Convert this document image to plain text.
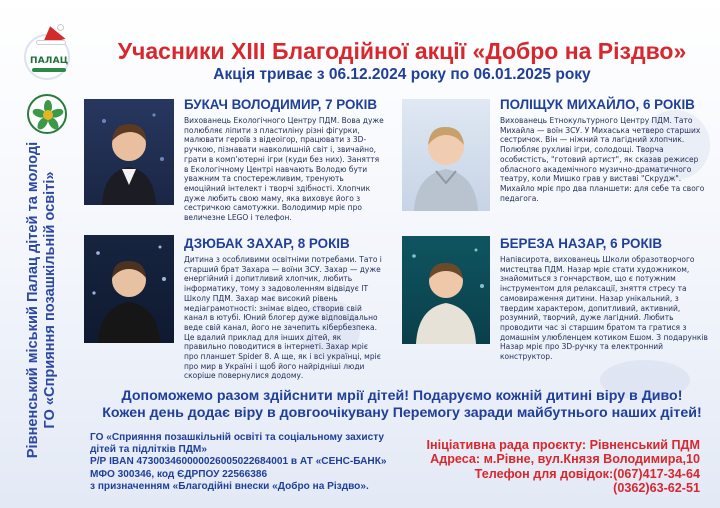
ПАЛАЦ
Рівненський міський Палац дітей та молоді ГО «Сприяння позашкільній освіті»
Учасники XIII Благодійної акції «Добро на Різдво»
Акція триває з 06.12.2024 року по 06.01.2025 року
БУКАЧ ВОЛОДИМИР, 7 РОКІВ
Вихованець Екологічного Центру ПДМ. Вова дуже полюбляє ліпити з пластиліну різні фігурки, малювати героїв з відеоігор, працювати з 3D-ручкою, пізнавати навколишній світ і, звичайно, грати в комп’ютерні ігри (куди без них). Заняття в Екологічному Центрі навчають Володю бути уважним та спостережливим, тренують емоційний інтелект і творчі здібності. Хлопчик дуже любить свою маму, яка виховує його з сестричкою самотужки. Володимир мріє про величезне LEGO і телефон.
ПОЛІЩУК МИХАЙЛО, 6 РОКІВ
Вихованець Етнокультурного Центру ПДМ. Тато Михайла — воїн ЗСУ. У Михаська четверо старших сестричок. Він — ніжний та лагідний хлопчик. Полюбляє рухливі ігри, солодощі. Творча особистість, "готовий артист", як сказав режисер обласного академічного музично-драматичного театру, коли Мишко грав у виставі "Скрудж". Михайло мріє про два планшети: для себе та свого педагога.
ДЗЮБАК ЗАХАР, 8 РОКІВ
Дитина з особливими освітніми потребами. Тато і старший брат Захара — воїни ЗСУ. Захар — дуже енергійний і допитливий хлопчик, любить інформатику, тому з задоволенням відвідує IT Школу ПДМ. Захар має високий рівень медіаграмотності: знімає відео, створив свій канал в ютубі. Юний блогер дуже відповідально веде свій канал, його не зачепить кібербезпека. Це вдалий приклад для інших дітей, як правильно поводитися в інтернеті. Захар мріє про планшет Spider 8. А ще, як і всі українці, мріє про мир в Україні і щоб його найрідніші люди скоріше повернулися додому.
БЕРЕЗА НАЗАР, 6 РОКІВ
Напівсирота, вихованець Школи образотворчого мистецтва ПДМ. Назар мріє стати художником, знайомиться з гончарством, що є потужним інструментом для релаксації, зняття стресу та самовираження дитини. Назар унікальний, з твердим характером, допитливий, активний, розумний, творчий, дуже лагідний. Любить проводити час зі старшим братом та гратися з домашнім улюбленцем котиком Ешом. З подарунків Назар мріє про 3D-ручку та електронний конструктор.
Допоможемо разом здійснити мрії дітей! Подаруємо кожній дитині віру в Диво!
Кожен день додає віру в довгоочікувану Перемогу заради майбутнього наших дітей!
ГО «Сприяння позашкільній освіті та соціальному захисту
дітей та підлітків ПДМ»
Р/Р IBAN 473003460000026005022684001 в АТ «СЕНС-БАНК»
МФО 300346, код ЄДРПОУ 22566386
з призначенням «Благодійні внески «Добро на Різдво».
Ініціативна рада проєкту: Рівненський ПДМ
Адреса: м.Рівне, вул.Князя Володимира,10
Телефон для довідок:(067)417-34-64
(0362)63-62-51
